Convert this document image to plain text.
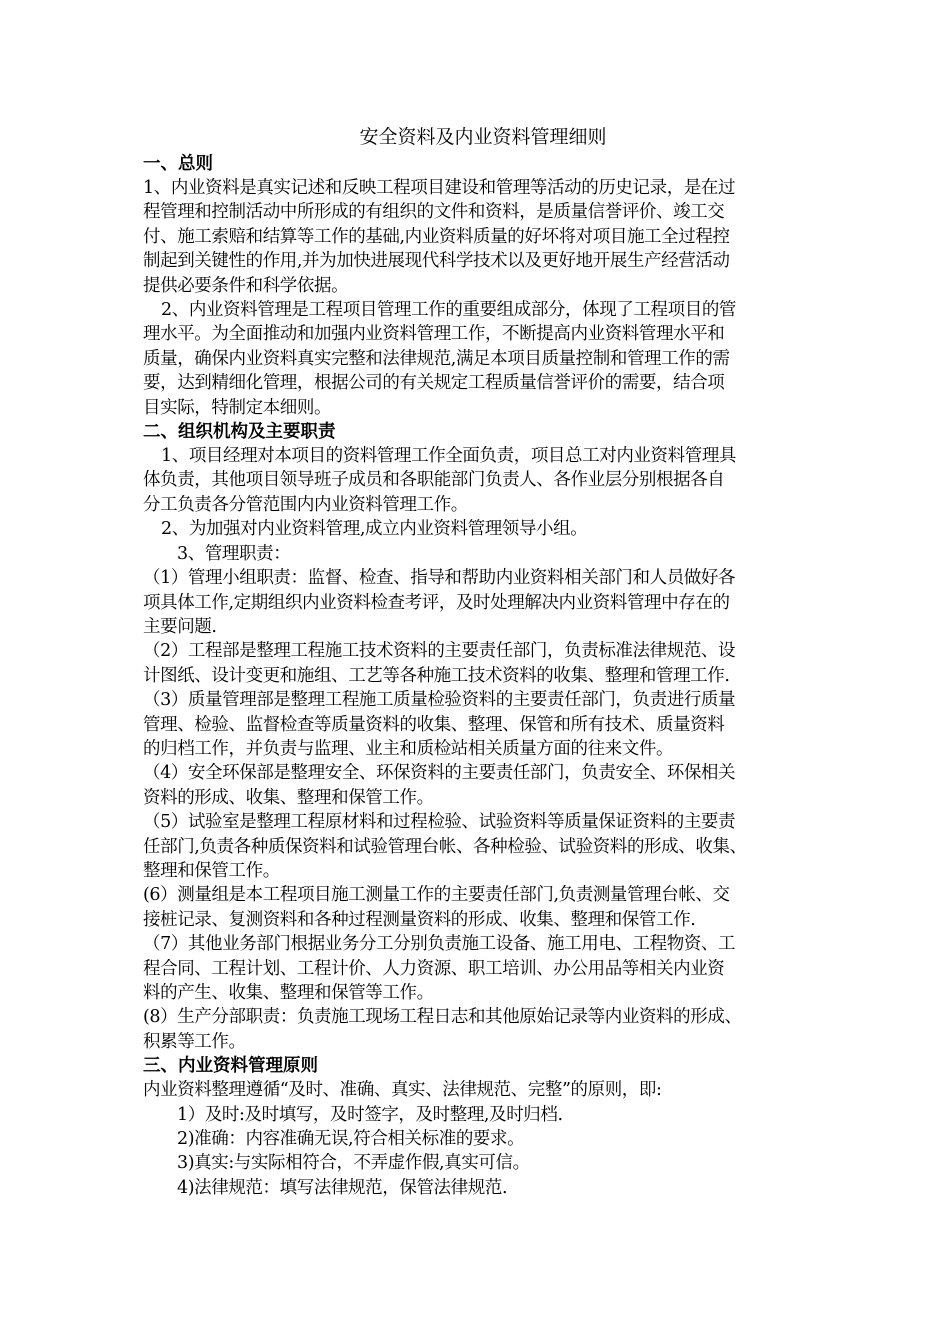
安全资料及内业资料管理细则
一、总则
1、内业资料是真实记述和反映工程项目建设和管理等活动的历史记录，是在过
程管理和控制活动中所形成的有组织的文件和资料，是质量信誉评价、竣工交
付、施工索赔和结算等工作的基础,内业资料质量的好坏将对项目施工全过程控
制起到关键性的作用,并为加快进展现代科学技术以及更好地开展生产经营活动
提供必要条件和科学依据。
2、内业资料管理是工程项目管理工作的重要组成部分，体现了工程项目的管
理水平。为全面推动和加强内业资料管理工作，不断提高内业资料管理水平和
质量，确保内业资料真实完整和法律规范,满足本项目质量控制和管理工作的需
要，达到精细化管理，根据公司的有关规定工程质量信誉评价的需要，结合项
目实际，特制定本细则。
二、组织机构及主要职责
1、项目经理对本项目的资料管理工作全面负责，项目总工对内业资料管理具
体负责，其他项目领导班子成员和各职能部门负责人、各作业层分别根据各自
分工负责各分管范围内内业资料管理工作。
2、为加强对内业资料管理,成立内业资料管理领导小组。
3、管理职责：
（1）管理小组职责：监督、检查、指导和帮助内业资料相关部门和人员做好各
项具体工作,定期组织内业资料检查考评，及时处理解决内业资料管理中存在的
主要问题.
（2）工程部是整理工程施工技术资料的主要责任部门，负责标准法律规范、设
计图纸、设计变更和施组、工艺等各种施工技术资料的收集、整理和管理工作.
（3）质量管理部是整理工程施工质量检验资料的主要责任部门，负责进行质量
管理、检验、监督检查等质量资料的收集、整理、保管和所有技术、质量资料
的归档工作，并负责与监理、业主和质检站相关质量方面的往来文件。
（4）安全环保部是整理安全、环保资料的主要责任部门，负责安全、环保相关
资料的形成、收集、整理和保管工作。
（5）试验室是整理工程原材料和过程检验、试验资料等质量保证资料的主要责
任部门,负责各种质保资料和试验管理台帐、各种检验、试验资料的形成、收集、
整理和保管工作。
(6）测量组是本工程项目施工测量工作的主要责任部门,负责测量管理台帐、交
接桩记录、复测资料和各种过程测量资料的形成、收集、整理和保管工作.
（7）其他业务部门根据业务分工分别负责施工设备、施工用电、工程物资、工
程合同、工程计划、工程计价、人力资源、职工培训、办公用品等相关内业资
料的产生、收集、整理和保管等工作。
(8）生产分部职责：负责施工现场工程日志和其他原始记录等内业资料的形成、
积累等工作。
三、内业资料管理原则
内业资料整理遵循“及时、准确、真实、法律规范、完整”的原则，即:
1）及时:及时填写，及时签字，及时整理,及时归档.
2)准确：内容准确无误,符合相关标准的要求。
3)真实:与实际相符合，不弄虚作假,真实可信。
4)法律规范：填写法律规范，保管法律规范.
